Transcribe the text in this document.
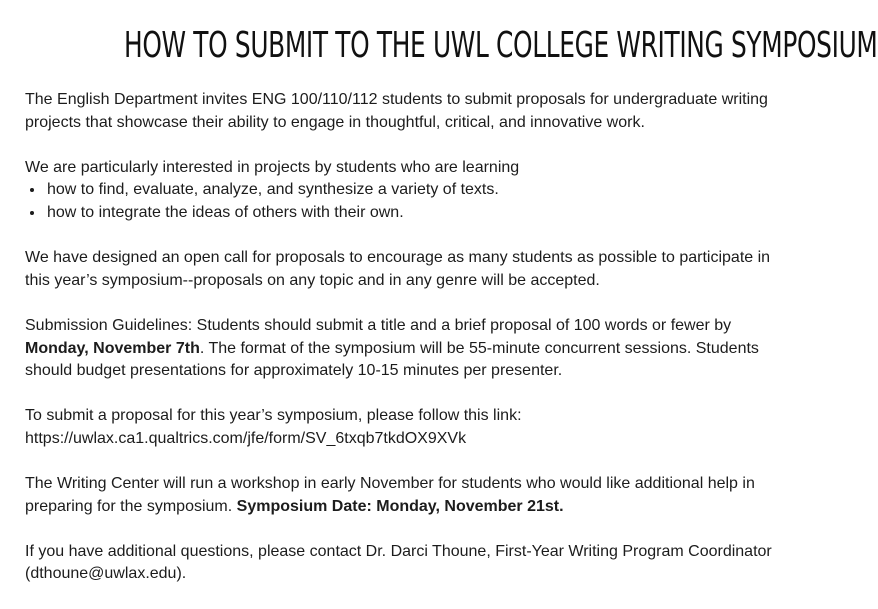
HOW TO SUBMIT TO THE UWL COLLEGE WRITING SYMPOSIUM

The English Department invites ENG 100/110/112 students to submit proposals for undergraduate writing projects that showcase their ability to engage in thoughtful, critical, and innovative work.

We are particularly interested in projects by students who are learning
• how to find, evaluate, analyze, and synthesize a variety of texts.
• how to integrate the ideas of others with their own.

We have designed an open call for proposals to encourage as many students as possible to participate in this year’s symposium--proposals on any topic and in any genre will be accepted.

Submission Guidelines: Students should submit a title and a brief proposal of 100 words or fewer by Monday, November 7th. The format of the symposium will be 55-minute concurrent sessions. Students should budget presentations for approximately 10-15 minutes per presenter.

To submit a proposal for this year’s symposium, please follow this link:
https://uwlax.ca1.qualtrics.com/jfe/form/SV_6txqb7tkdOX9XVk

The Writing Center will run a workshop in early November for students who would like additional help in preparing for the symposium. Symposium Date: Monday, November 21st.

If you have additional questions, please contact Dr. Darci Thoune, First-Year Writing Program Coordinator (dthoune@uwlax.edu).
